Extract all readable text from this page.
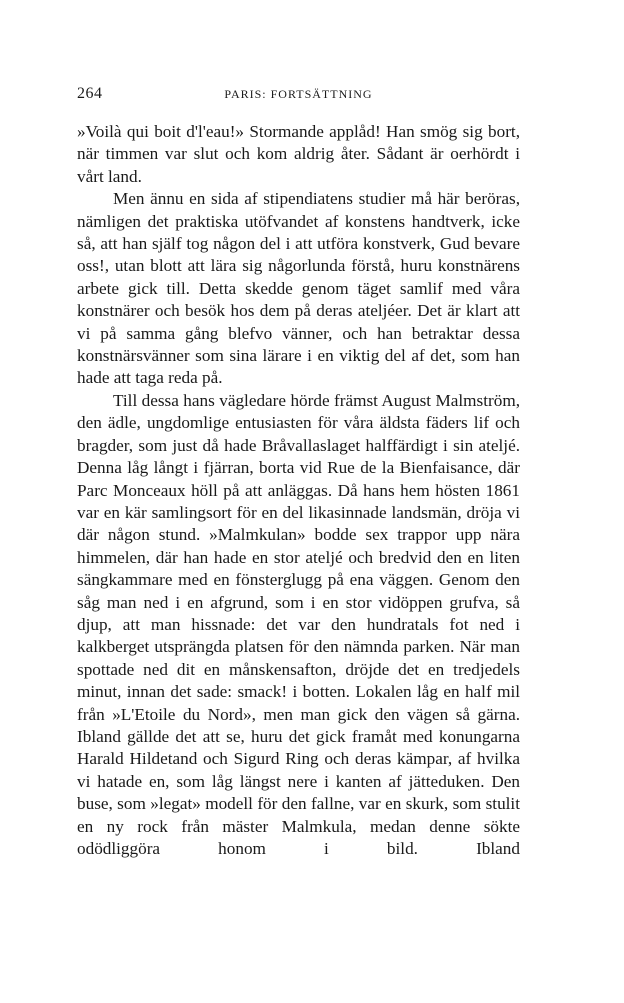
264	PARIS: FORTSÄTTNING

»Voilà qui boit d'l'eau!» Stormande applåd! Han smög sig bort, när timmen var slut och kom aldrig åter. Sådant är oerhördt i vårt land.

Men ännu en sida af stipendiatens studier må här beröras, nämligen det praktiska utöfvandet af konstens handtverk, icke så, att han själf tog någon del i att utföra konstverk, Gud bevare oss!, utan blott att lära sig någorlunda förstå, huru konstnärens arbete gick till. Detta skedde genom täget samlif med våra konstnärer och besök hos dem på deras ateljéer. Det är klart att vi på samma gång blefvo vänner, och han betraktar dessa konstnärsvänner som sina lärare i en viktig del af det, som han hade att taga reda på.

Till dessa hans vägledare hörde främst August Malmström, den ädle, ungdomlige entusiasten för våra äldsta fäders lif och bragder, som just då hade Bråvallaslaget halffärdigt i sin ateljé. Denna låg långt i fjärran, borta vid Rue de la Bienfaisance, där Parc Monceaux höll på att anläggas. Då hans hem hösten 1861 var en kär samlingsort för en del likasinnade landsmän, dröja vi där någon stund. »Malmkulan» bodde sex trappor upp nära himmelen, där han hade en stor ateljé och bredvid den en liten sängkammare med en fönsterglugg på ena väggen. Genom den såg man ned i en afgrund, som i en stor vidöppen grufva, så djup, att man hissnade: det var den hundratals fot ned i kalkberget utsprängda platsen för den nämnda parken. När man spottade ned dit en månskensafton, dröjde det en tredjedels minut, innan det sade: smack! i botten. Lokalen låg en half mil från »L'Etoile du Nord», men man gick den vägen så gärna. Ibland gällde det att se, huru det gick framåt med konungarna Harald Hildetand och Sigurd Ring och deras kämpar, af hvilka vi hatade en, som låg längst nere i kanten af jätteduken. Den buse, som »legat» modell för den fallne, var en skurk, som stulit en ny rock från mäster Malmkula, medan denne sökte odödliggöra honom i bild. Ibland
